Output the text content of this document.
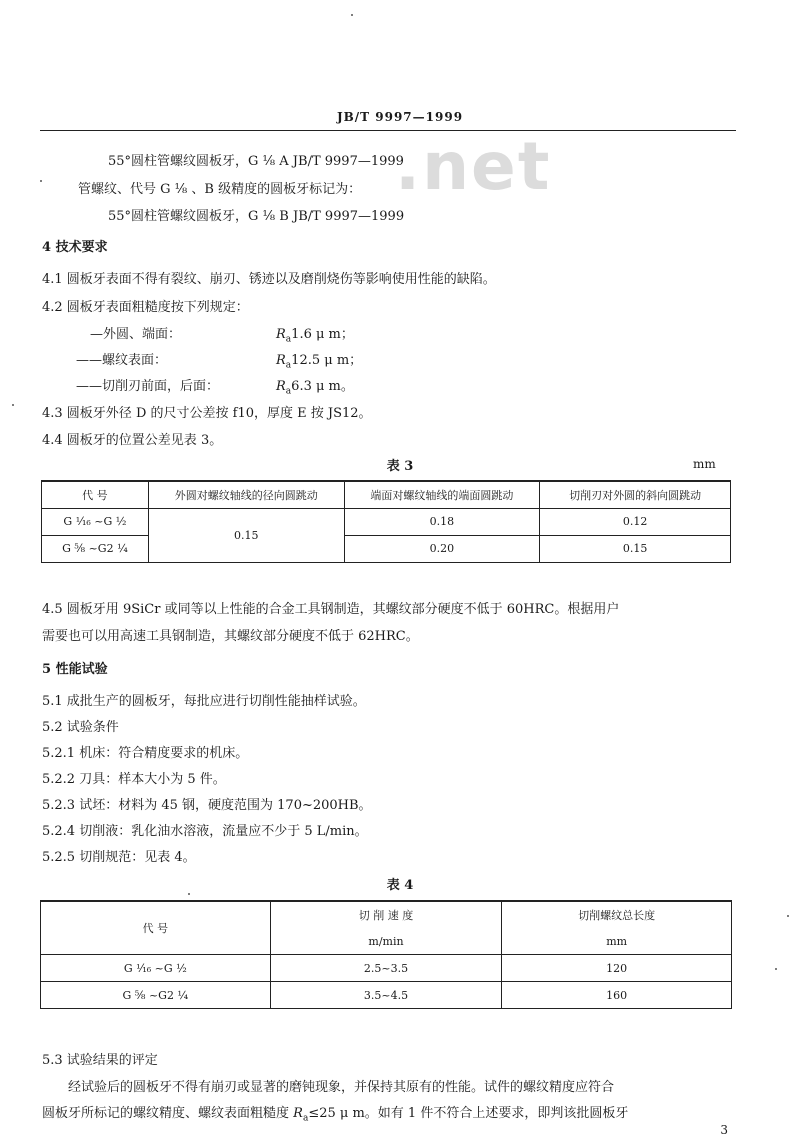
JB/T 9997—1999
.net
55°圆柱管螺纹圆板牙，G ⅛ A JB/T 9997—1999
管螺纹、代号 G ⅛ 、B 级精度的圆板牙标记为：
55°圆柱管螺纹圆板牙，G ⅛ B JB/T 9997—1999
4 技术要求
4.1 圆板牙表面不得有裂纹、崩刃、锈迹以及磨削烧伤等影响使用性能的缺陷。
4.2 圆板牙表面粗糙度按下列规定：
—外圆、端面：	$R_a1.6$ μ m；
——螺纹表面：	$R_a12.5$ μ m；
——切削刃前面，后面：	$R_a6.3$ μ m。
4.3 圆板牙外径 D 的尺寸公差按 f10，厚度 E 按 JS12。
4.4 圆板牙的位置公差见表 3。
表 3	mm
代 号	外圆对螺纹轴线的径向圆跳动	端面对螺纹轴线的端面圆跳动	切削刃对外圆的斜向圆跳动
G ¹⁄₁₆ ~G ½	0.15	0.18	0.12
G ⅝ ~G2 ¼		0.20	0.15
4.5 圆板牙用 9SiCr 或同等以上性能的合金工具钢制造，其螺纹部分硬度不低于 60HRC。根据用户
需要也可以用高速工具钢制造，其螺纹部分硬度不低于 62HRC。
5 性能试验
5.1 成批生产的圆板牙，每批应进行切削性能抽样试验。
5.2 试验条件
5.2.1 机床：符合精度要求的机床。
5.2.2 刀具：样本大小为 5 件。
5.2.3 试坯：材料为 45 钢，硬度范围为 170~200HB。
5.2.4 切削液：乳化油水溶液，流量应不少于 5 L/min。
5.2.5 切削规范：见表 4。
表 4
代 号	切 削 速 度	切削螺纹总长度
	m/min	mm
G ¹⁄₁₆ ~G ½	2.5~3.5	120
G ⅝ ~G2 ¼	3.5~4.5	160
5.3 试验结果的评定
经试验后的圆板牙不得有崩刃或显著的磨钝现象，并保持其原有的性能。试件的螺纹精度应符合
圆板牙所标记的螺纹精度、螺纹表面粗糙度 $R_a\le 25$ μ m。如有 1 件不符合上述要求，即判该批圆板牙
3
